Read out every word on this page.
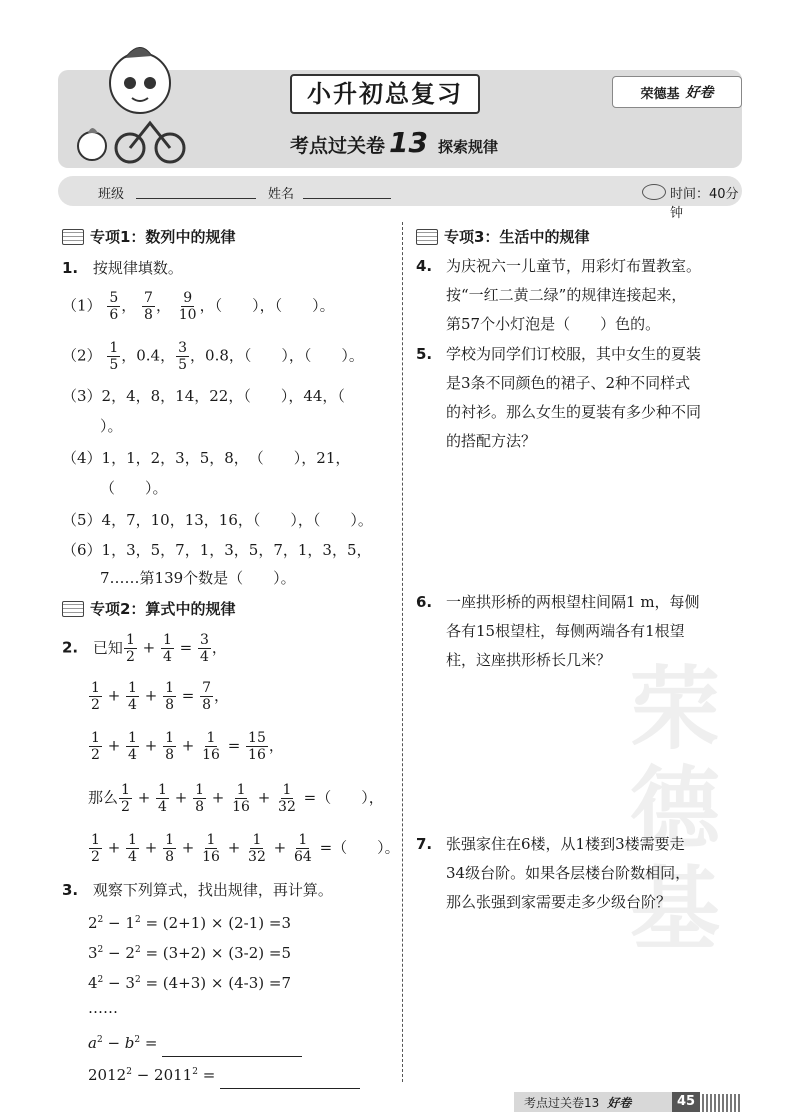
小升初总复习	荣德基 好卷
考点过关卷 13 探索规律
班级	姓名	时间：40分钟
荣德基
专项1：数列中的规律
1. 按规律填数。
$(1) \frac{5}{6}$ ， $\frac{7}{8}$ ， $\frac{9}{10}$ ，（　　），（　　）。
$(2) \frac{1}{5}$ ，0.4， $\frac{3}{5}$ ，0.8，（　　），（　　）。
（3）2，4，8，14，22，（　　），44，（
）。
（4）1，1，2，3，5，8，　（　　），21，
（　　）。
（5）4，7，10，13，16，（　　），（　　）。
（6）1，3，5，7，1，3，5，7，1，3，5，
7……第139个数是（　　）。
专项2：算式中的规律
2. 已知 $\frac{1}{2} + \frac{1}{4} = \frac{3}{4}$ ，
$\frac{1}{2} + \frac{1}{4} + \frac{1}{8} = \frac{7}{8}$ ，
$\frac{1}{2} + \frac{1}{4} + \frac{1}{8} + \frac{1}{16} = \frac{15}{16}$ ，
那么 $\frac{1}{2} + \frac{1}{4} + \frac{1}{8} + \frac{1}{16} + \frac{1}{32}$ =（　　），
$\frac{1}{2} + \frac{1}{4} + \frac{1}{8} + \frac{1}{16} + \frac{1}{32} + \frac{1}{64}$ =（　　）。
3. 观察下列算式，找出规律，再计算。
$2^2 - 1^2 = (2+1) \times (2-1) =3$
$3^2 - 2^2 = (3+2) \times (3-2) =5$
$4^2 - 3^2 = (4+3) \times (4-3) =7$
……
$a^2 - b^2$ =
$2012^2 - 2011^2$ =
专项3：生活中的规律
4. 为庆祝六一儿童节，用彩灯布置教室。
按“一红二黄二绿”的规律连接起来，
第57个小灯泡是（　　）色的。
5. 学校为同学们订校服，其中女生的夏装
是3条不同颜色的裙子、2种不同样式
的衬衫。那么女生的夏装有多少种不同
的搭配方法？
6. 一座拱形桥的两根望柱间隔1 m，每侧
各有15根望柱，每侧两端各有1根望
柱，这座拱形桥长几米？
7. 张强家住在6楼，从1楼到3楼需要走
34级台阶。如果各层楼台阶数相同，
那么张强到家需要走多少级台阶？
考点过关卷13 好卷	45
